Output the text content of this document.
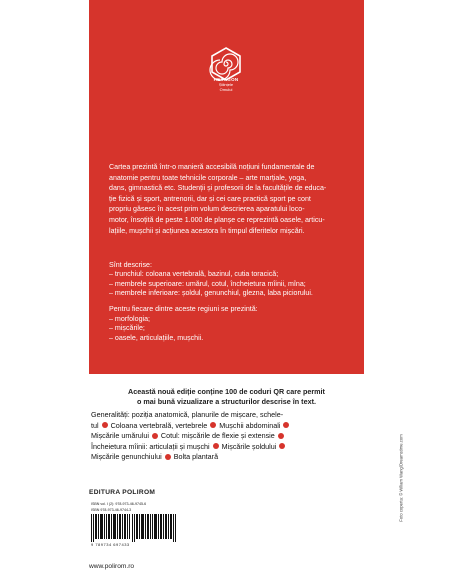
HEXAGON
Științele
Omului
Cartea prezintă într-o manieră accesibilă noțiuni fundamentale de
anatomie pentru toate tehnicile corporale – arte marțiale, yoga,
dans, gimnastică etc. Studenții și profesorii de la facultățile de educa-
ție fizică și sport, antrenorii, dar și cei care practică sport pe cont
propriu găsesc în acest prim volum descrierea aparatului loco-
motor, însoțită de peste 1.000 de planșe ce reprezintă oasele, articu-
lațiile, mușchii și acțiunea acestora în timpul diferitelor mișcări.
Sînt descrise:
– trunchiul: coloana vertebrală, bazinul, cutia toracică;
– membrele superioare: umărul, cotul, încheietura mîinii, mîna;
– membrele inferioare: șoldul, genunchiul, glezna, laba piciorului.
Pentru fiecare dintre aceste regiuni se prezintă:
– morfologia;
– mișcările;
– oasele, articulațiile, mușchii.
Această nouă ediție conține 100 de coduri QR care permit
o mai bună vizualizare a structurilor descrise în text.
Generalități: poziția anatomică, planurile de mișcare, schele-
tul Coloana vertebrală, vertebrele Mușchii abdominali
Mișcările umărului Cotul: mișcările de flexie și extensie
Încheietura mîinii: articulații și mușchi Mișcările șoldului
Mișcările genunchiului Bolta plantară	Foto coperta: © Wiliam Wang/Dreamstime.com
EDITURA POLIROM
ISBN vol. I (2): 978-973-46-9745-6
ISBN 978-973-46-9744-3
9 789734 697433
www.polirom.ro
